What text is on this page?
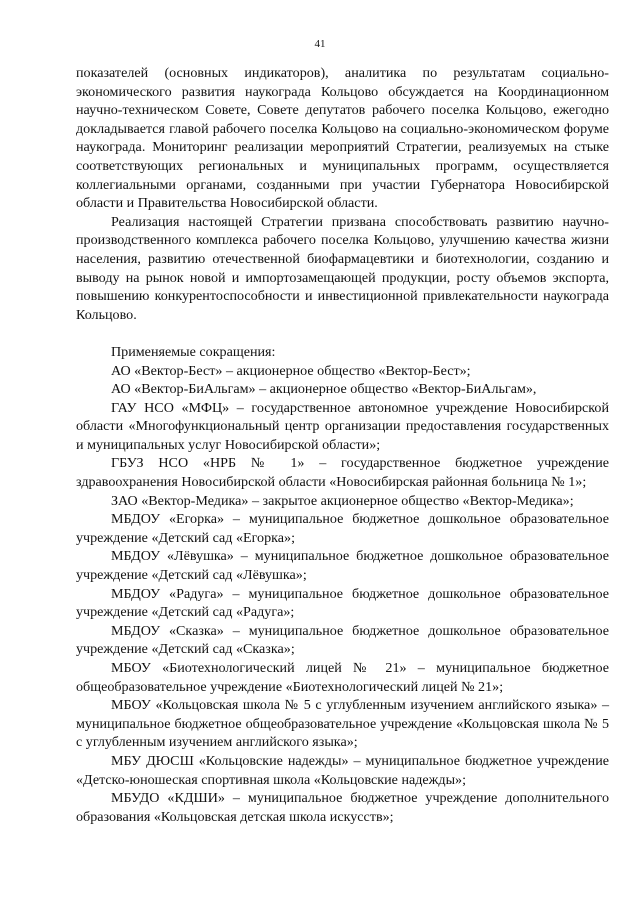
41

показателей (основных индикаторов), аналитика по результатам социально-экономического развития наукограда Кольцово обсуждается на Координационном научно-техническом Совете, Совете депутатов рабочего поселка Кольцово, ежегодно докладывается главой рабочего поселка Кольцово на социально-экономическом форуме наукограда. Мониторинг реализации мероприятий Стратегии, реализуемых на стыке соответствующих региональных и муниципальных программ, осуществляется коллегиальными органами, созданными при участии Губернатора Новосибирской области и Правительства Новосибирской области.

Реализация настоящей Стратегии призвана способствовать развитию научно-производственного комплекса рабочего поселка Кольцово, улучшению качества жизни населения, развитию отечественной биофармацевтики и биотехнологии, созданию и выводу на рынок новой и импортозамещающей продукции, росту объемов экспорта, повышению конкурентоспособности и инвестиционной привлекательности наукограда Кольцово.

Применяемые сокращения:

АО «Вектор-Бест» – акционерное общество «Вектор-Бест»;

АО «Вектор-БиАльгам» – акционерное общество «Вектор-БиАльгам»,

ГАУ НСО «МФЦ» – государственное автономное учреждение Новосибирской области «Многофункциональный центр организации предоставления государственных и муниципальных услуг Новосибирской области»;

ГБУЗ НСО «НРБ № 1» – государственное бюджетное учреждение здравоохранения Новосибирской области «Новосибирская районная больница № 1»;

ЗАО «Вектор-Медика» – закрытое акционерное общество «Вектор-Медика»;

МБДОУ «Егорка» – муниципальное бюджетное дошкольное образовательное учреждение «Детский сад «Егорка»;

МБДОУ «Лёвушка» – муниципальное бюджетное дошкольное образовательное учреждение «Детский сад «Лёвушка»;

МБДОУ «Радуга» – муниципальное бюджетное дошкольное образовательное учреждение «Детский сад «Радуга»;

МБДОУ «Сказка» – муниципальное бюджетное дошкольное образовательное учреждение «Детский сад «Сказка»;

МБОУ «Биотехнологический лицей № 21» – муниципальное бюджетное общеобразовательное учреждение «Биотехнологический лицей № 21»;

МБОУ «Кольцовская школа № 5 с углубленным изучением английского языка» – муниципальное бюджетное общеобразовательное учреждение «Кольцовская школа № 5 с углубленным изучением английского языка»;

МБУ ДЮСШ «Кольцовские надежды» – муниципальное бюджетное учреждение «Детско-юношеская спортивная школа «Кольцовские надежды»;

МБУДО «КДШИ» – муниципальное бюджетное учреждение дополнительного образования «Кольцовская детская школа искусств»;
